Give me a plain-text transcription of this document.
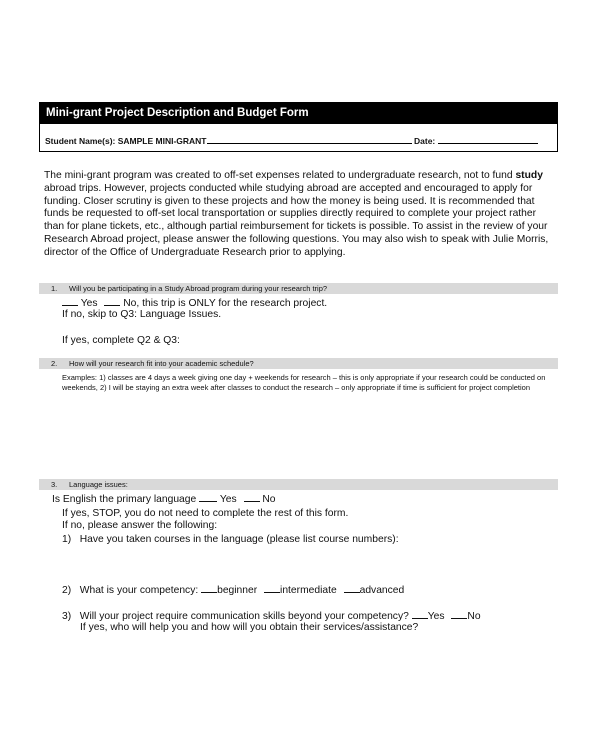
Mini-grant Project Description and Budget Form
Student Name(s): SAMPLE MINI-GRANT	Date:
The mini-grant program was created to off-set expenses related to undergraduate research, not to fund study abroad trips. However, projects conducted while studying abroad are accepted and encouraged to apply for funding. Closer scrutiny is given to these projects and how the money is being used. It is recommended that funds be requested to off-set local transportation or supplies directly required to complete your project rather than for plane tickets, etc., although partial reimbursement for tickets is possible. To assist in the review of your Research Abroad project, please answer the following questions. You may also wish to speak with Julie Morris, director of the Office of Undergraduate Research prior to applying.
1. Will you be participating in a Study Abroad program during your research trip?
Yes	No, this trip is ONLY for the research project.
If no, skip to Q3: Language Issues.
If yes, complete Q2 & Q3:
2. How will your research fit into your academic schedule?
Examples: 1) classes are 4 days a week giving one day + weekends for research – this is only appropriate if your research could be conducted on weekends, 2) I will be staying an extra week after classes to conduct the research – only appropriate if time is sufficient for project completion
3. Language issues:
Is English the primary language Yes	No
If yes, STOP, you do not need to complete the rest of this form.
If no, please answer the following:
1) Have you taken courses in the language (please list course numbers):
2) What is your competency: beginner intermediate advanced
3) Will your project require communication skills beyond your competency? Yes No
If yes, who will help you and how will you obtain their services/assistance?
